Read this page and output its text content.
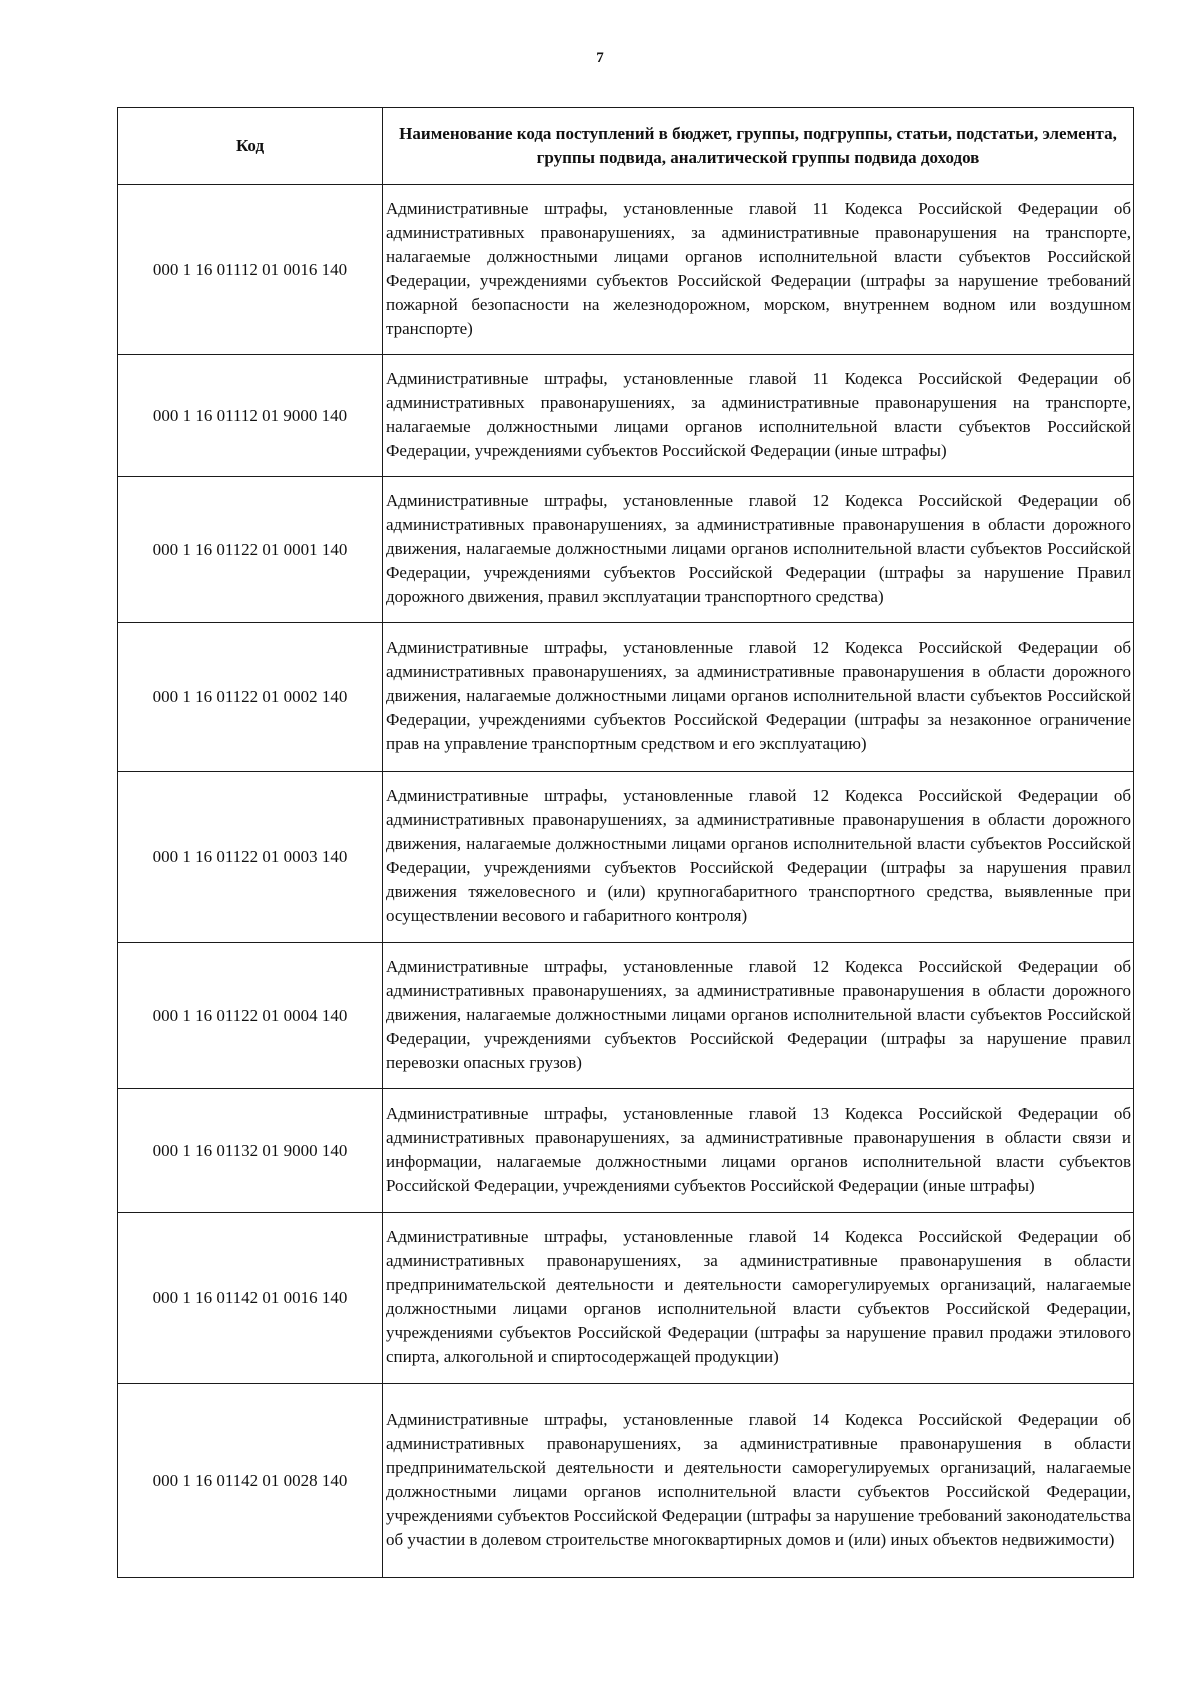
7
Код	Наименование кода поступлений в бюджет, группы, подгруппы, статьи, подстатьи, элемента, группы подвида, аналитической группы подвида доходов
000 1 16 01112 01 0016 140	Административные штрафы, установленные главой 11 Кодекса Российской Федерации об административных правонарушениях, за административные правонарушения на транспорте, налагаемые должностными лицами органов исполнительной власти субъектов Российской Федерации, учреждениями субъектов Российской Федерации (штрафы за нарушение требований пожарной безопасности на железнодорожном, морском, внутреннем водном или воздушном транспорте)
000 1 16 01112 01 9000 140	Административные штрафы, установленные главой 11 Кодекса Российской Федерации об административных правонарушениях, за административные правонарушения на транспорте, налагаемые должностными лицами органов исполнительной власти субъектов Российской Федерации, учреждениями субъектов Российской Федерации (иные штрафы)
000 1 16 01122 01 0001 140	Административные штрафы, установленные главой 12 Кодекса Российской Федерации об административных правонарушениях, за административные правонарушения в области дорожного движения, налагаемые должностными лицами органов исполнительной власти субъектов Российской Федерации, учреждениями субъектов Российской Федерации (штрафы за нарушение Правил дорожного движения, правил эксплуатации транспортного средства)
000 1 16 01122 01 0002 140	Административные штрафы, установленные главой 12 Кодекса Российской Федерации об административных правонарушениях, за административные правонарушения в области дорожного движения, налагаемые должностными лицами органов исполнительной власти субъектов Российской Федерации, учреждениями субъектов Российской Федерации (штрафы за незаконное ограничение прав на управление транспортным средством и его эксплуатацию)
000 1 16 01122 01 0003 140	Административные штрафы, установленные главой 12 Кодекса Российской Федерации об административных правонарушениях, за административные правонарушения в области дорожного движения, налагаемые должностными лицами органов исполнительной власти субъектов Российской Федерации, учреждениями субъектов Российской Федерации (штрафы за нарушения правил движения тяжеловесного и (или) крупногабаритного транспортного средства, выявленные при осуществлении весового и габаритного контроля)
000 1 16 01122 01 0004 140	Административные штрафы, установленные главой 12 Кодекса Российской Федерации об административных правонарушениях, за административные правонарушения в области дорожного движения, налагаемые должностными лицами органов исполнительной власти субъектов Российской Федерации, учреждениями субъектов Российской Федерации (штрафы за нарушение правил перевозки опасных грузов)
000 1 16 01132 01 9000 140	Административные штрафы, установленные главой 13 Кодекса Российской Федерации об административных правонарушениях, за административные правонарушения в области связи и информации, налагаемые должностными лицами органов исполнительной власти субъектов Российской Федерации, учреждениями субъектов Российской Федерации (иные штрафы)
000 1 16 01142 01 0016 140	Административные штрафы, установленные главой 14 Кодекса Российской Федерации об административных правонарушениях, за административные правонарушения в области предпринимательской деятельности и деятельности саморегулируемых организаций, налагаемые должностными лицами органов исполнительной власти субъектов Российской Федерации, учреждениями субъектов Российской Федерации (штрафы за нарушение правил продажи этилового спирта, алкогольной и спиртосодержащей продукции)
000 1 16 01142 01 0028 140	Административные штрафы, установленные главой 14 Кодекса Российской Федерации об административных правонарушениях, за административные правонарушения в области предпринимательской деятельности и деятельности саморегулируемых организаций, налагаемые должностными лицами органов исполнительной власти субъектов Российской Федерации, учреждениями субъектов Российской Федерации (штрафы за нарушение требований законодательства об участии в долевом строительстве многоквартирных домов и (или) иных объектов недвижимости)
